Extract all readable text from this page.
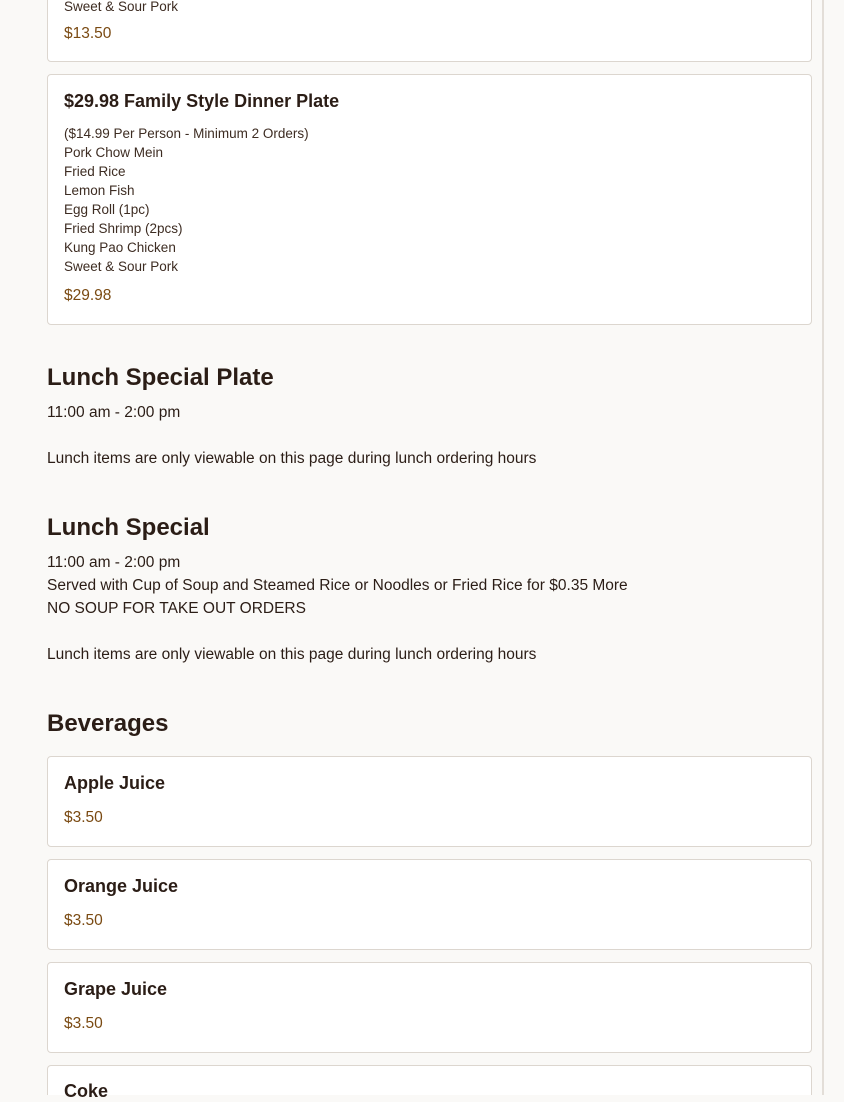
Sweet & Sour Pork
$13.50
$29.98 Family Style Dinner Plate
($14.99 Per Person - Minimum 2 Orders)
Pork Chow Mein
Fried Rice
Lemon Fish
Egg Roll (1pc)
Fried Shrimp (2pcs)
Kung Pao Chicken
Sweet & Sour Pork
$29.98
Lunch Special Plate
11:00 am - 2:00 pm
Lunch items are only viewable on this page during lunch ordering hours
Lunch Special
11:00 am - 2:00 pm
Served with Cup of Soup and Steamed Rice or Noodles or Fried Rice for $0.35 More
NO SOUP FOR TAKE OUT ORDERS
Lunch items are only viewable on this page during lunch ordering hours
Beverages
Apple Juice
$3.50
Orange Juice
$3.50
Grape Juice
$3.50
Coke
